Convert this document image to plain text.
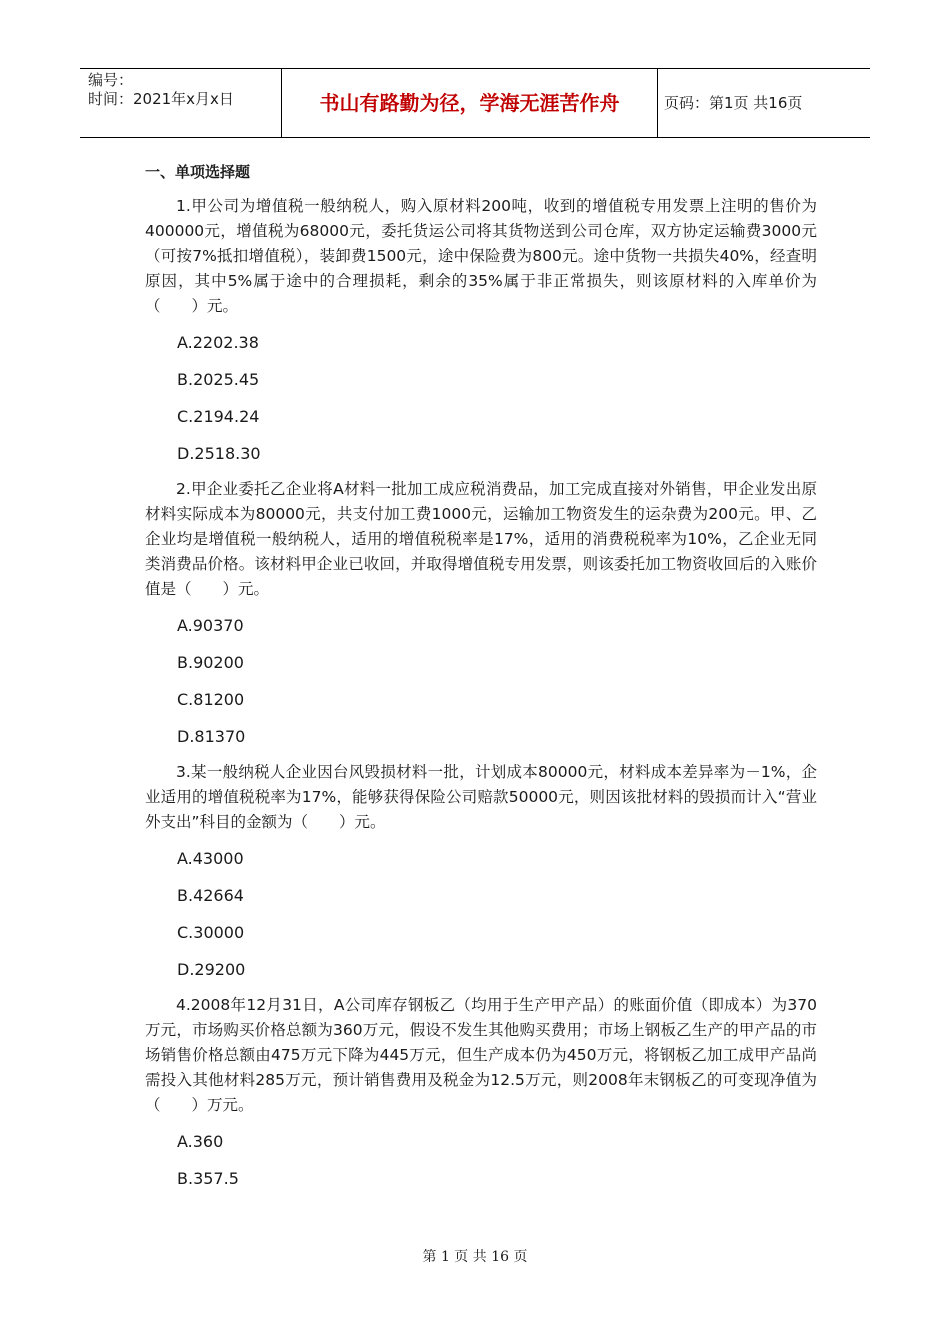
编号：
时间：2021年x月x日	书山有路勤为径，学海无涯苦作舟	页码：第1页 共16页
一、单项选择题

1.甲公司为增值税一般纳税人，购入原材料200吨，收到的增值税专用发票上注明的售价为400000元，增值税为68000元，委托货运公司将其货物送到公司仓库，双方协定运输费3000元（可按7%抵扣增值税），装卸费1500元，途中保险费为800元。途中货物一共损失40%，经查明原因，其中5%属于途中的合理损耗，剩余的35%属于非正常损失，则该原材料的入库单价为（　　）元。

A.2202.38
B.2025.45
C.2194.24
D.2518.30

2.甲企业委托乙企业将A材料一批加工成应税消费品，加工完成直接对外销售，甲企业发出原材料实际成本为80000元，共支付加工费1000元，运输加工物资发生的运杂费为200元。甲、乙企业均是增值税一般纳税人，适用的增值税税率是17%，适用的消费税税率为10%，乙企业无同类消费品价格。该材料甲企业已收回，并取得增值税专用发票，则该委托加工物资收回后的入账价值是（　　）元。

A.90370
B.90200
C.81200
D.81370

3.某一般纳税人企业因台风毁损材料一批，计划成本80000元，材料成本差异率为－1%，企业适用的增值税税率为17%，能够获得保险公司赔款50000元，则因该批材料的毁损而计入“营业外支出”科目的金额为（　　）元。

A.43000
B.42664
C.30000
D.29200

4.2008年12月31日，A公司库存钢板乙（均用于生产甲产品）的账面价值（即成本）为370万元，市场购买价格总额为360万元，假设不发生其他购买费用；市场上钢板乙生产的甲产品的市场销售价格总额由475万元下降为445万元，但生产成本仍为450万元，将钢板乙加工成甲产品尚需投入其他材料285万元，预计销售费用及税金为12.5万元，则2008年末钢板乙的可变现净值为（　　）万元。

A.360
B.357.5
第 1 页 共 16 页
